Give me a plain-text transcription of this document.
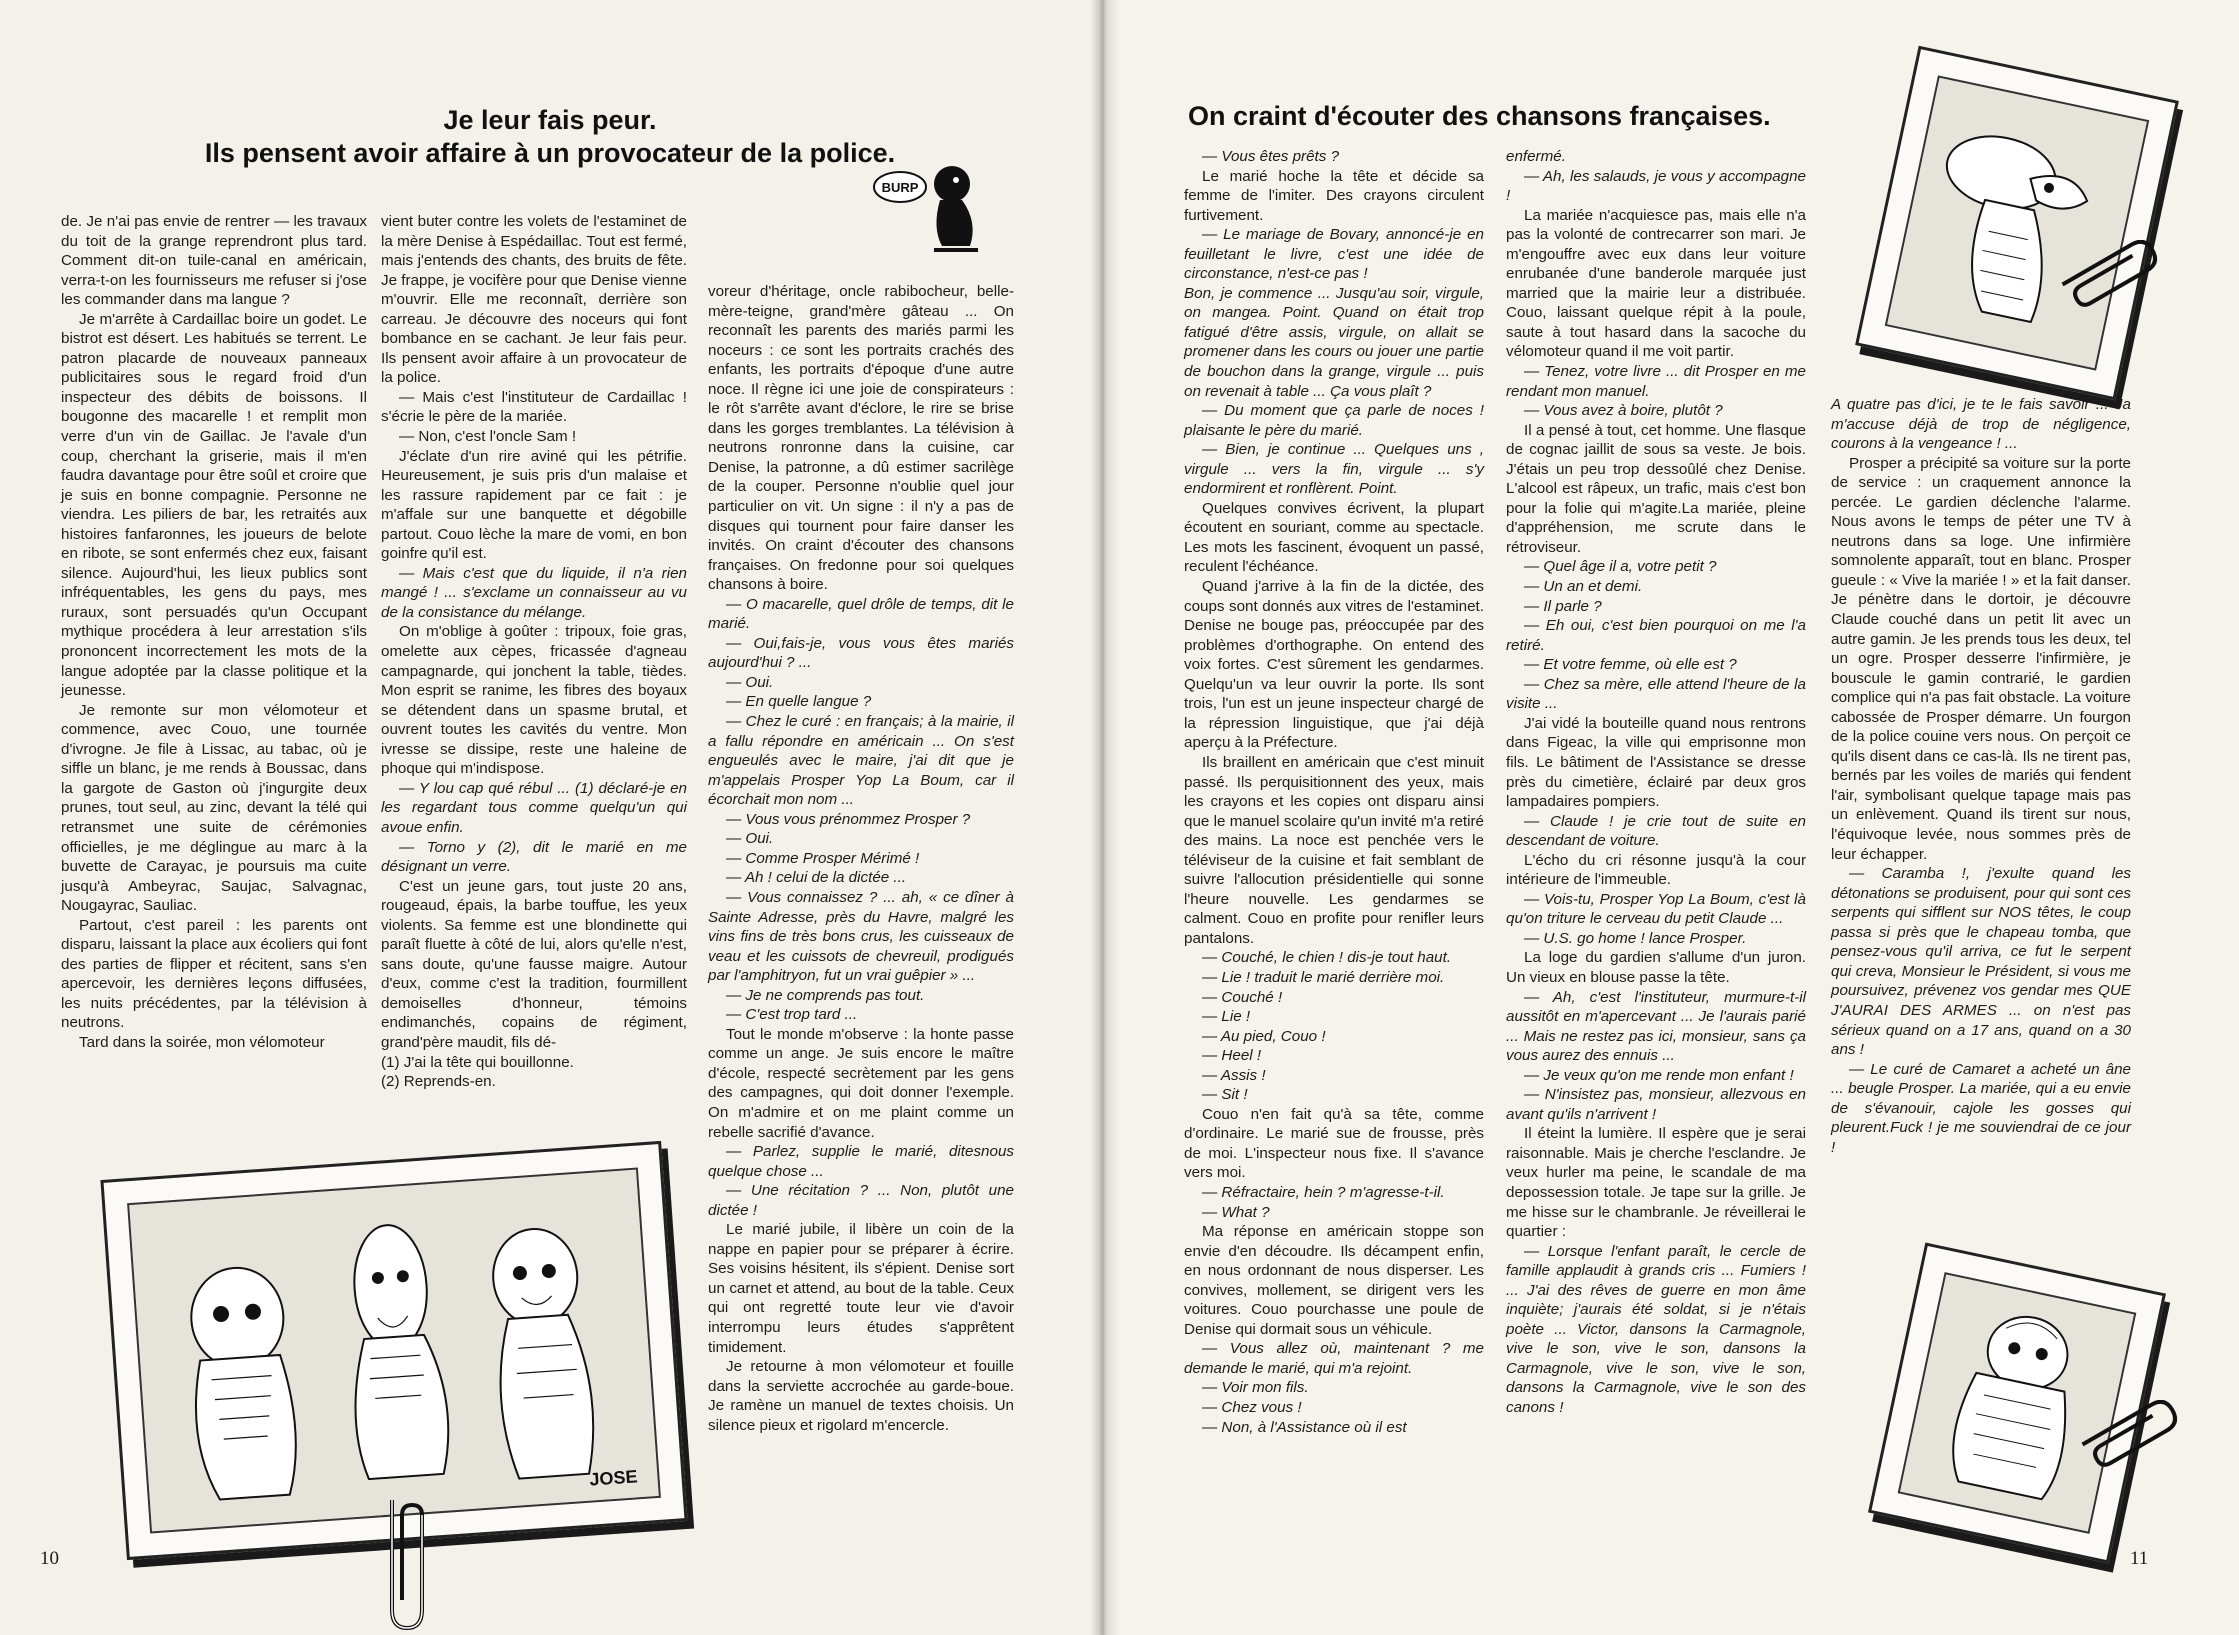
Je leur fais peur.
Ils pensent avoir affaire à un provocateur de la police.
BURP
de. Je n'ai pas envie de rentrer — les travaux du toit de la grange reprendront plus tard. Comment dit-on tuile-canal en américain, verra-t-on les fournisseurs me refuser si j'ose les commander dans ma langue ?
Je m'arrête à Cardaillac boire un godet. Le bistrot est désert. Les habitués se terrent. Le patron placarde de nouveaux panneaux publicitaires sous le regard froid d'un inspecteur des débits de boissons. Il bougonne des macarelle ! et remplit mon verre d'un vin de Gaillac. Je l'avale d'un coup, cherchant la griserie, mais il m'en faudra davantage pour être soûl et croire que je suis en bonne compagnie. Personne ne viendra. Les piliers de bar, les retraités aux histoires fanfaronnes, les joueurs de belote en ribote, se sont enfermés chez eux, faisant silence. Aujourd'hui, les lieux publics sont infréquentables, les gens du pays, mes ruraux, sont persuadés qu'un Occupant mythique procédera à leur arrestation s'ils prononcent incorrectement les mots de la langue adoptée par la classe politique et la jeunesse.
Je remonte sur mon vélomoteur et commence, avec Couo, une tournée d'ivrogne. Je file à Lissac, au tabac, où je siffle un blanc, je me rends à Boussac, dans la gargote de Gaston où j'ingurgite deux prunes, tout seul, au zinc, devant la télé qui retransmet une suite de cérémonies officielles, je me déglingue au marc à la buvette de Carayac, je poursuis ma cuite jusqu'à Ambeyrac, Saujac, Salvagnac, Nougayrac, Sauliac.
Partout, c'est pareil : les parents ont disparu, laissant la place aux écoliers qui font des parties de flipper et récitent, sans s'en apercevoir, les dernières leçons diffusées, les nuits précédentes, par la télévision à neutrons.
Tard dans la soirée, mon vélomoteur
vient buter contre les volets de l'estaminet de la mère Denise à Espédaillac. Tout est fermé, mais j'entends des chants, des bruits de fête. Je frappe, je vocifère pour que Denise vienne m'ouvrir. Elle me reconnaît, derrière son carreau. Je découvre des noceurs qui font bombance en se cachant. Je leur fais peur. Ils pensent avoir affaire à un provocateur de la police.
— Mais c'est l'instituteur de Cardaillac ! s'écrie le père de la mariée.
— Non, c'est l'oncle Sam !
J'éclate d'un rire aviné qui les pétrifie. Heureusement, je suis pris d'un malaise et les rassure rapidement par ce fait : je m'affale sur une banquette et dégobille partout. Couo lèche la mare de vomi, en bon goinfre qu'il est.
— Mais c'est que du liquide, il n'a rien mangé ! ... s'exclame un connaisseur au vu de la consistance du mélange.
On m'oblige à goûter : tripoux, foie gras, omelette aux cèpes, fricassée d'agneau campagnarde, qui jonchent la table, tièdes. Mon esprit se ranime, les fibres des boyaux se détendent dans un spasme brutal, et ouvrent toutes les cavités du ventre. Mon ivresse se dissipe, reste une haleine de phoque qui m'indispose.
— Y lou cap qué rébul ... (1) déclaré-je en les regardant tous comme quelqu'un qui avoue enfin.
— Torno y (2), dit le marié en me désignant un verre.
C'est un jeune gars, tout juste 20 ans, rougeaud, épais, la barbe touffue, les yeux violents. Sa femme est une blondinette qui paraît fluette à côté de lui, alors qu'elle n'est, sans doute, qu'une fausse maigre. Autour d'eux, comme c'est la tradition, fourmillent demoiselles d'honneur, témoins endimanchés, copains de régiment, grand'père maudit, fils dé-
(1) J'ai la tête qui bouillonne.
(2) Reprends-en.
voreur d'héritage, oncle rabibocheur, belle-mère-teigne, grand'mère gâteau ... On reconnaît les parents des mariés parmi les noceurs : ce sont les portraits crachés des enfants, les portraits d'époque d'une autre noce. Il règne ici une joie de conspirateurs : le rôt s'arrête avant d'éclore, le rire se brise dans les gorges tremblantes. La télévision à neutrons ronronne dans la cuisine, car Denise, la patronne, a dû estimer sacrilège de la couper. Personne n'oublie quel jour particulier on vit. Un signe : il n'y a pas de disques qui tournent pour faire danser les invités. On craint d'écouter des chansons françaises. On fredonne pour soi quelques chansons à boire.
— O macarelle, quel drôle de temps, dit le marié.
— Oui,fais-je, vous vous êtes mariés aujourd'hui ? ...
— Oui.
— En quelle langue ?
— Chez le curé : en français; à la mairie, il a fallu répondre en américain ... On s'est engueulés avec le maire, j'ai dit que je m'appelais Prosper Yop La Boum, car il écorchait mon nom ...
— Vous vous prénommez Prosper ?
— Oui.
— Comme Prosper Mérimé !
— Ah ! celui de la dictée ...
— Vous connaissez ? ... ah, « ce dîner à Sainte Adresse, près du Havre, malgré les vins fins de très bons crus, les cuisseaux de veau et les cuissots de chevreuil, prodigués par l'amphitryon, fut un vrai guêpier » ...
— Je ne comprends pas tout.
— C'est trop tard ...
Tout le monde m'observe : la honte passe comme un ange. Je suis encore le maître d'école, respecté secrètement par les gens des campagnes, qui doit donner l'exemple. On m'admire et on me plaint comme un rebelle sacrifié d'avance.
— Parlez, supplie le marié, ditesnous quelque chose ...
— Une récitation ? ... Non, plutôt une dictée !
Le marié jubile, il libère un coin de la nappe en papier pour se préparer à écrire. Ses voisins hésitent, ils s'épient. Denise sort un carnet et attend, au bout de la table. Ceux qui ont regretté toute leur vie d'avoir interrompu leurs études s'apprêtent timidement.
Je retourne à mon vélomoteur et fouille dans la serviette accrochée au garde-boue. Je ramène un manuel de textes choisis. Un silence pieux et rigolard m'encercle.
JOSE
10
On craint d'écouter des chansons françaises.
— Vous êtes prêts ?
Le marié hoche la tête et décide sa femme de l'imiter. Des crayons circulent furtivement.
— Le mariage de Bovary, annoncé-je en feuilletant le livre, c'est une idée de circonstance, n'est-ce pas !
Bon, je commence ... Jusqu'au soir, virgule, on mangea. Point. Quand on était trop fatigué d'être assis, virgule, on allait se promener dans les cours ou jouer une partie de bouchon dans la grange, virgule ... puis on revenait à table ... Ça vous plaît ?
— Du moment que ça parle de noces ! plaisante le père du marié.
— Bien, je continue ... Quelques uns , virgule ... vers la fin, virgule ... s'y endormirent et ronflèrent. Point.
Quelques convives écrivent, la plupart écoutent en souriant, comme au spectacle. Les mots les fascinent, évoquent un passé, reculent l'échéance.
Quand j'arrive à la fin de la dictée, des coups sont donnés aux vitres de l'estaminet. Denise ne bouge pas, préoccupée par des problèmes d'orthographe. On entend des voix fortes. C'est sûrement les gendarmes. Quelqu'un va leur ouvrir la porte. Ils sont trois, l'un est un jeune inspecteur chargé de la répression linguistique, que j'ai déjà aperçu à la Préfecture.
Ils braillent en américain que c'est minuit passé. Ils perquisitionnent des yeux, mais les crayons et les copies ont disparu ainsi que le manuel scolaire qu'un invité m'a retiré des mains. La noce est penchée vers le téléviseur de la cuisine et fait semblant de suivre l'allocution présidentielle qui sonne l'heure nouvelle. Les gendarmes se calment. Couo en profite pour renifler leurs pantalons.
— Couché, le chien ! dis-je tout haut.
— Lie ! traduit le marié derrière moi.
— Couché !
— Lie !
— Au pied, Couo !
— Heel !
— Assis !
— Sit !
Couo n'en fait qu'à sa tête, comme d'ordinaire. Le marié sue de frousse, près de moi. L'inspecteur nous fixe. Il s'avance vers moi.
— Réfractaire, hein ? m'agresse-t-il.
— What ?
Ma réponse en américain stoppe son envie d'en découdre. Ils décampent enfin, en nous ordonnant de nous disperser. Les convives, mollement, se dirigent vers les voitures. Couo pourchasse une poule de Denise qui dormait sous un véhicule.
— Vous allez où, maintenant ? me demande le marié, qui m'a rejoint.
— Voir mon fils.
— Chez vous !
— Non, à l'Assistance où il est
enfermé.
— Ah, les salauds, je vous y accompagne !
La mariée n'acquiesce pas, mais elle n'a pas la volonté de contrecarrer son mari. Je m'engouffre avec eux dans leur voiture enrubanée d'une banderole marquée just married que la mairie leur a distribuée. Couo, laissant quelque répit à la poule, saute à tout hasard dans la sacoche du vélomoteur quand il me voit partir.
— Tenez, votre livre ... dit Prosper en me rendant mon manuel.
— Vous avez à boire, plutôt ?
Il a pensé à tout, cet homme. Une flasque de cognac jaillit de sous sa veste. Je bois. J'étais un peu trop dessoûlé chez Denise. L'alcool est râpeux, un trafic, mais c'est bon pour la folie qui m'agite.La mariée, pleine d'appréhension, me scrute dans le rétroviseur.
— Quel âge il a, votre petit ?
— Un an et demi.
— Il parle ?
— Eh oui, c'est bien pourquoi on me l'a retiré.
— Et votre femme, où elle est ?
— Chez sa mère, elle attend l'heure de la visite ...
J'ai vidé la bouteille quand nous rentrons dans Figeac, la ville qui emprisonne mon fils. Le bâtiment de l'Assistance se dresse près du cimetière, éclairé par deux gros lampadaires pompiers.
— Claude ! je crie tout de suite en descendant de voiture.
L'écho du cri résonne jusqu'à la cour intérieure de l'immeuble.
— Vois-tu, Prosper Yop La Boum, c'est là qu'on triture le cerveau du petit Claude ...
— U.S. go home ! lance Prosper.
La loge du gardien s'allume d'un juron. Un vieux en blouse passe la tête.
— Ah, c'est l'instituteur, murmure-t-il aussitôt en m'apercevant ... Je l'aurais parié ... Mais ne restez pas ici, monsieur, sans ça vous aurez des ennuis ...
— Je veux qu'on me rende mon enfant !
— N'insistez pas, monsieur, allezvous en avant qu'ils n'arrivent !
Il éteint la lumière. Il espère que je serai raisonnable. Mais je cherche l'esclandre. Je veux hurler ma peine, le scandale de ma depossession totale. Je tape sur la grille. Je me hisse sur le chambranle. Je réveillerai le quartier :
— Lorsque l'enfant paraît, le cercle de famille applaudit à grands cris ... Fumiers ! ... J'ai des rêves de guerre en mon âme inquiète; j'aurais été soldat, si je n'étais poète ... Victor, dansons la Carmagnole, vive le son, vive le son, dansons la Carmagnole, vive le son, vive le son, dansons la Carmagnole, vive le son des canons !
A quatre pas d'ici, je te le fais savoir ... Ja m'accuse déjà de trop de négligence, courons à la vengeance ! ...
Prosper a précipité sa voiture sur la porte de service : un craquement annonce la percée. Le gardien déclenche l'alarme. Nous avons le temps de péter une TV à neutrons dans sa loge. Une infirmière somnolente apparaît, tout en blanc. Prosper gueule : « Vive la mariée ! » et la fait danser. Je pénètre dans le dortoir, je découvre Claude couché dans un petit lit avec un autre gamin. Je les prends tous les deux, tel un ogre. Prosper desserre l'infirmière, je bouscule le gamin contrarié, le gardien complice qui n'a pas fait obstacle. La voiture cabossée de Prosper démarre. Un fourgon de la police couine vers nous. On perçoit ce qu'ils disent dans ce cas-là. Ils ne tirent pas, bernés par les voiles de mariés qui fendent l'air, symbolisant quelque tapage mais pas un enlèvement. Quand ils tirent sur nous, l'équivoque levée, nous sommes près de leur échapper.
— Caramba !, j'exulte quand les détonations se produisent, pour qui sont ces serpents qui sifflent sur NOS têtes, le coup passa si près que le chapeau tomba, que pensez-vous qu'il arriva, ce fut le serpent qui creva, Monsieur le Président, si vous me poursuivez, prévenez vos gendar mes QUE J'AURAI DES ARMES ... on n'est pas sérieux quand on a 17 ans, quand on a 30 ans !
— Le curé de Camaret a acheté un âne ... beugle Prosper. La mariée, qui a eu envie de s'évanouir, cajole les gosses qui pleurent.Fuck ! je me souviendrai de ce jour !
11
